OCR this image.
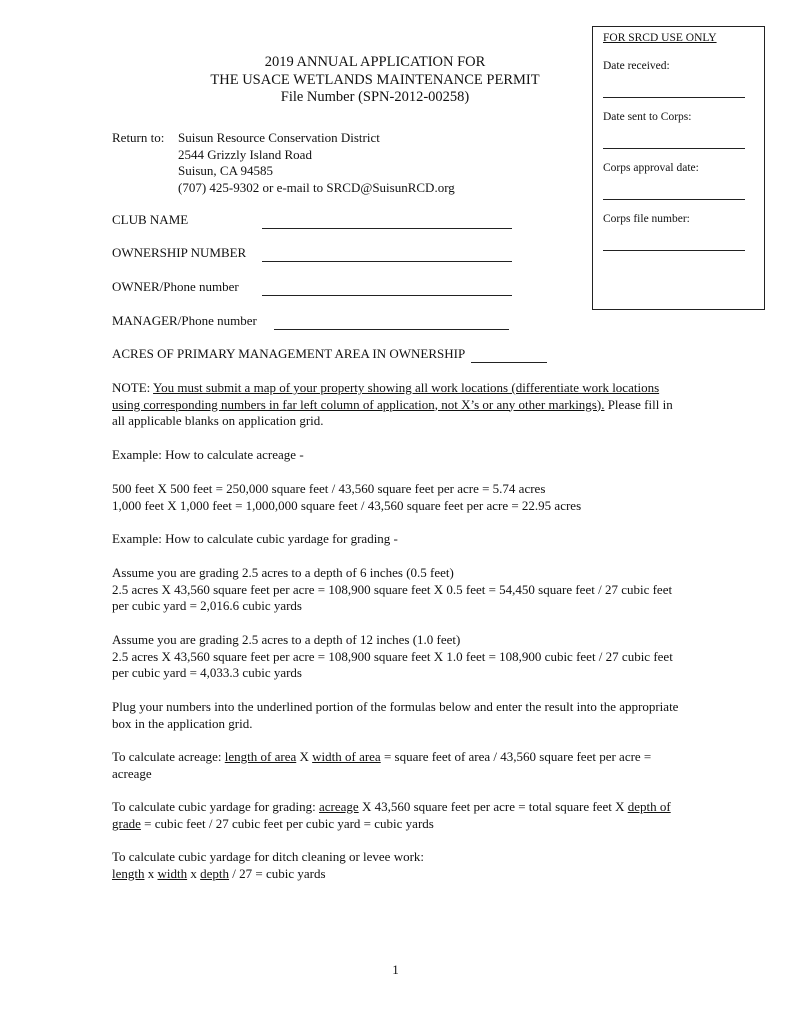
FOR SRCD USE ONLY
Date received:
Date sent to Corps:
Corps approval date:
Corps file number:
2019 ANNUAL APPLICATION FOR
THE USACE WETLANDS MAINTENANCE PERMIT
File Number (SPN-2012-00258)
Return to:	Suisun Resource Conservation District
2544 Grizzly Island Road
Suisun, CA 94585
(707) 425-9302 or e-mail to SRCD@SuisunRCD.org
CLUB NAME
OWNERSHIP NUMBER
OWNER/Phone number
MANAGER/Phone number
ACRES OF PRIMARY MANAGEMENT AREA IN OWNERSHIP
NOTE: You must submit a map of your property showing all work locations (differentiate work locations using corresponding numbers in far left column of application, not X’s or any other markings). Please fill in all applicable blanks on application grid.
Example: How to calculate acreage -
500 feet X 500 feet = 250,000 square feet / 43,560 square feet per acre = 5.74 acres
1,000 feet X 1,000 feet = 1,000,000 square feet / 43,560 square feet per acre = 22.95 acres
Example: How to calculate cubic yardage for grading -
Assume you are grading 2.5 acres to a depth of 6 inches (0.5 feet)
2.5 acres X 43,560 square feet per acre = 108,900 square feet X 0.5 feet = 54,450 square feet / 27 cubic feet per cubic yard = 2,016.6 cubic yards
Assume you are grading 2.5 acres to a depth of 12 inches (1.0 feet)
2.5 acres X 43,560 square feet per acre = 108,900 square feet X 1.0 feet = 108,900 cubic feet / 27 cubic feet per cubic yard = 4,033.3 cubic yards
Plug your numbers into the underlined portion of the formulas below and enter the result into the appropriate box in the application grid.
To calculate acreage: length of area X width of area = square feet of area / 43,560 square feet per acre = acreage
To calculate cubic yardage for grading: acreage X 43,560 square feet per acre = total square feet X depth of grade = cubic feet / 27 cubic feet per cubic yard = cubic yards
To calculate cubic yardage for ditch cleaning or levee work:
length x width x depth / 27 = cubic yards
1
